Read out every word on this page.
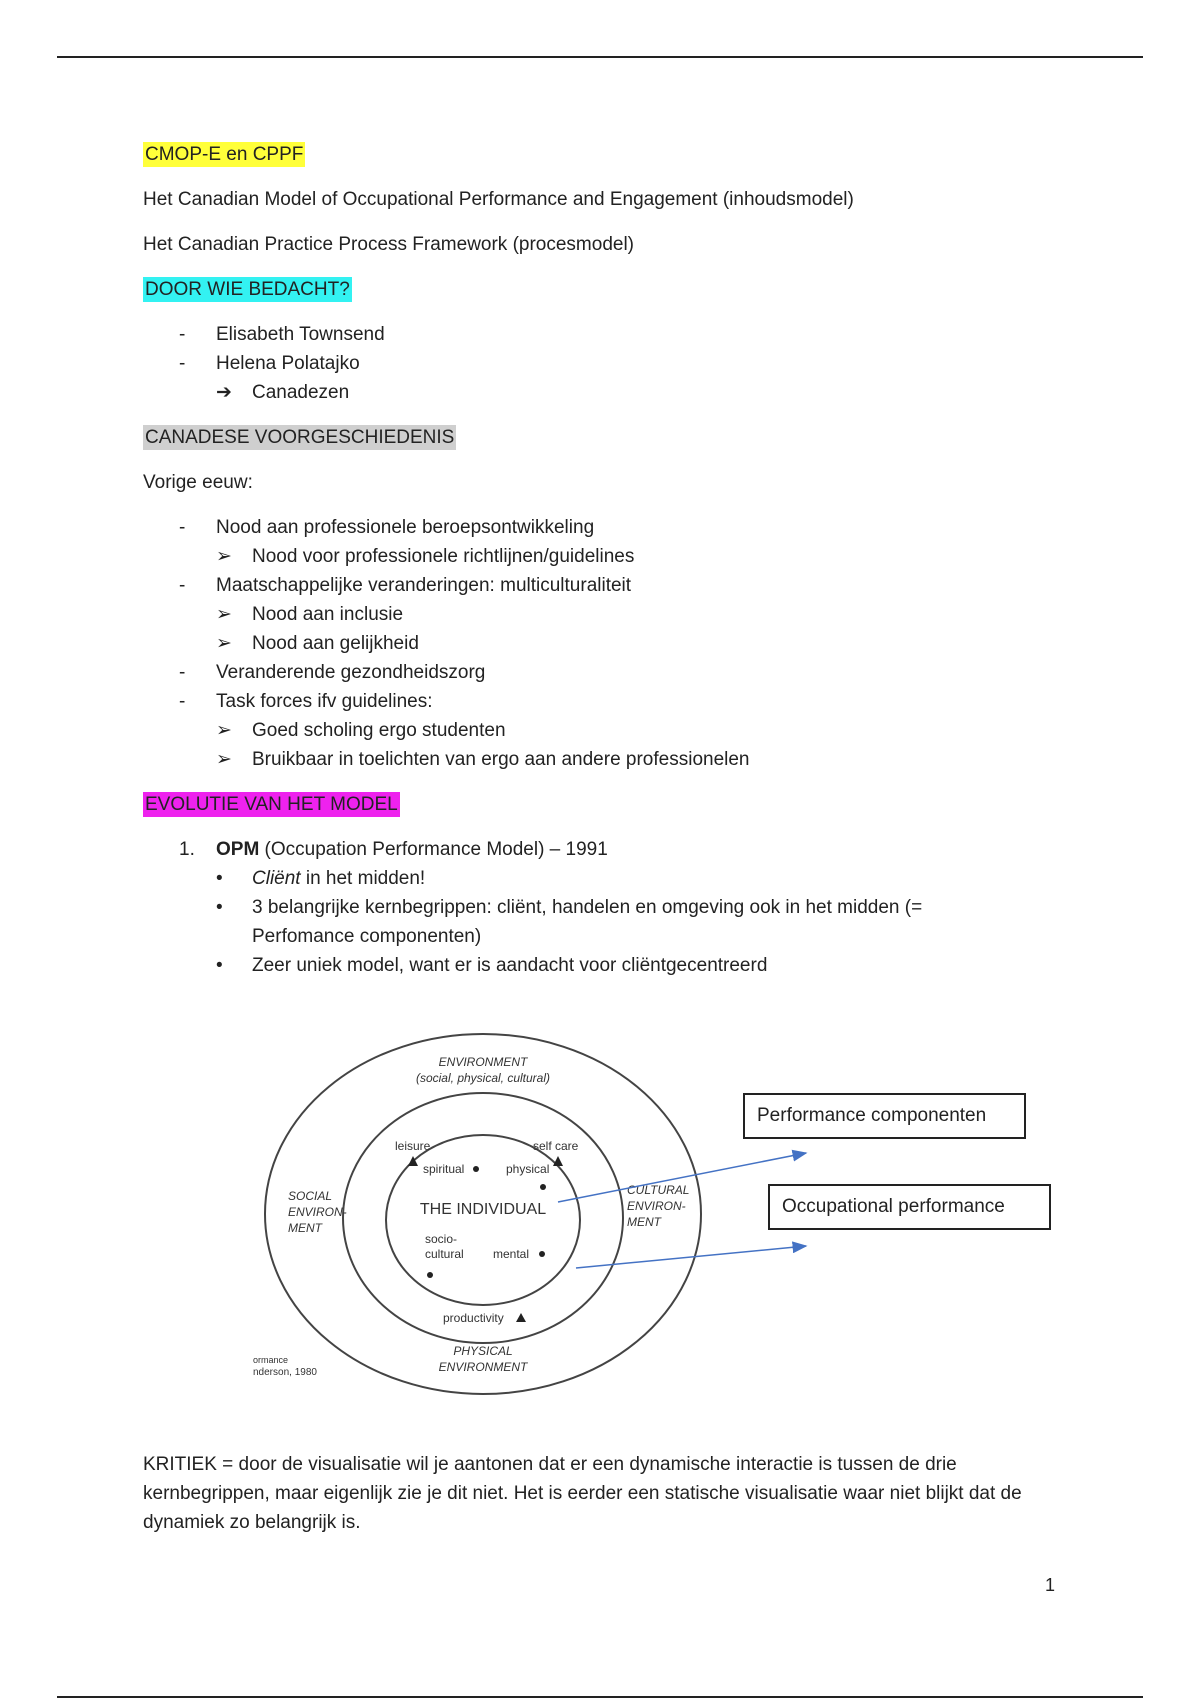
CMOP-E en CPPF

Het Canadian Model of Occupational Performance and Engagement (inhoudsmodel)

Het Canadian Practice Process Framework (procesmodel)

DOOR WIE BEDACHT?

-	Elisabeth Townsend
-	Helena Polatajko
➔	Canadezen

CANADESE VOORGESCHIEDENIS

Vorige eeuw:

-	Nood aan professionele beroepsontwikkeling
➢	Nood voor professionele richtlijnen/guidelines
-	Maatschappelijke veranderingen: multiculturaliteit
➢	Nood aan inclusie
➢	Nood aan gelijkheid
-	Veranderende gezondheidszorg
-	Task forces ifv guidelines:
➢	Goed scholing ergo studenten
➢	Bruikbaar in toelichten van ergo aan andere professionelen

EVOLUTIE VAN HET MODEL

1.	OPM (Occupation Performance Model) – 1991
•	Cliënt in het midden!
•	3 belangrijke kernbegrippen: cliënt, handelen en omgeving ook in het midden (=
Perfomance componenten)
•	Zeer uniek model, want er is aandacht voor cliëntgecentreerd
ENVIRONMENT
(social, physical, cultural)
leisure	self care
spiritual	physical
THE INDIVIDUAL
socio-
cultural mental
productivity
SOCIAL
ENVIRON-
MENT
CULTURAL
ENVIRON-
MENT
PHYSICAL
ENVIRONMENT
ormance
nderson, 1980
Performance componenten
Occupational performance

KRITIEK = door de visualisatie wil je aantonen dat er een dynamische interactie is tussen de drie kernbegrippen, maar eigenlijk zie je dit niet. Het is eerder een statische visualisatie waar niet blijkt dat de dynamiek zo belangrijk is.

1
